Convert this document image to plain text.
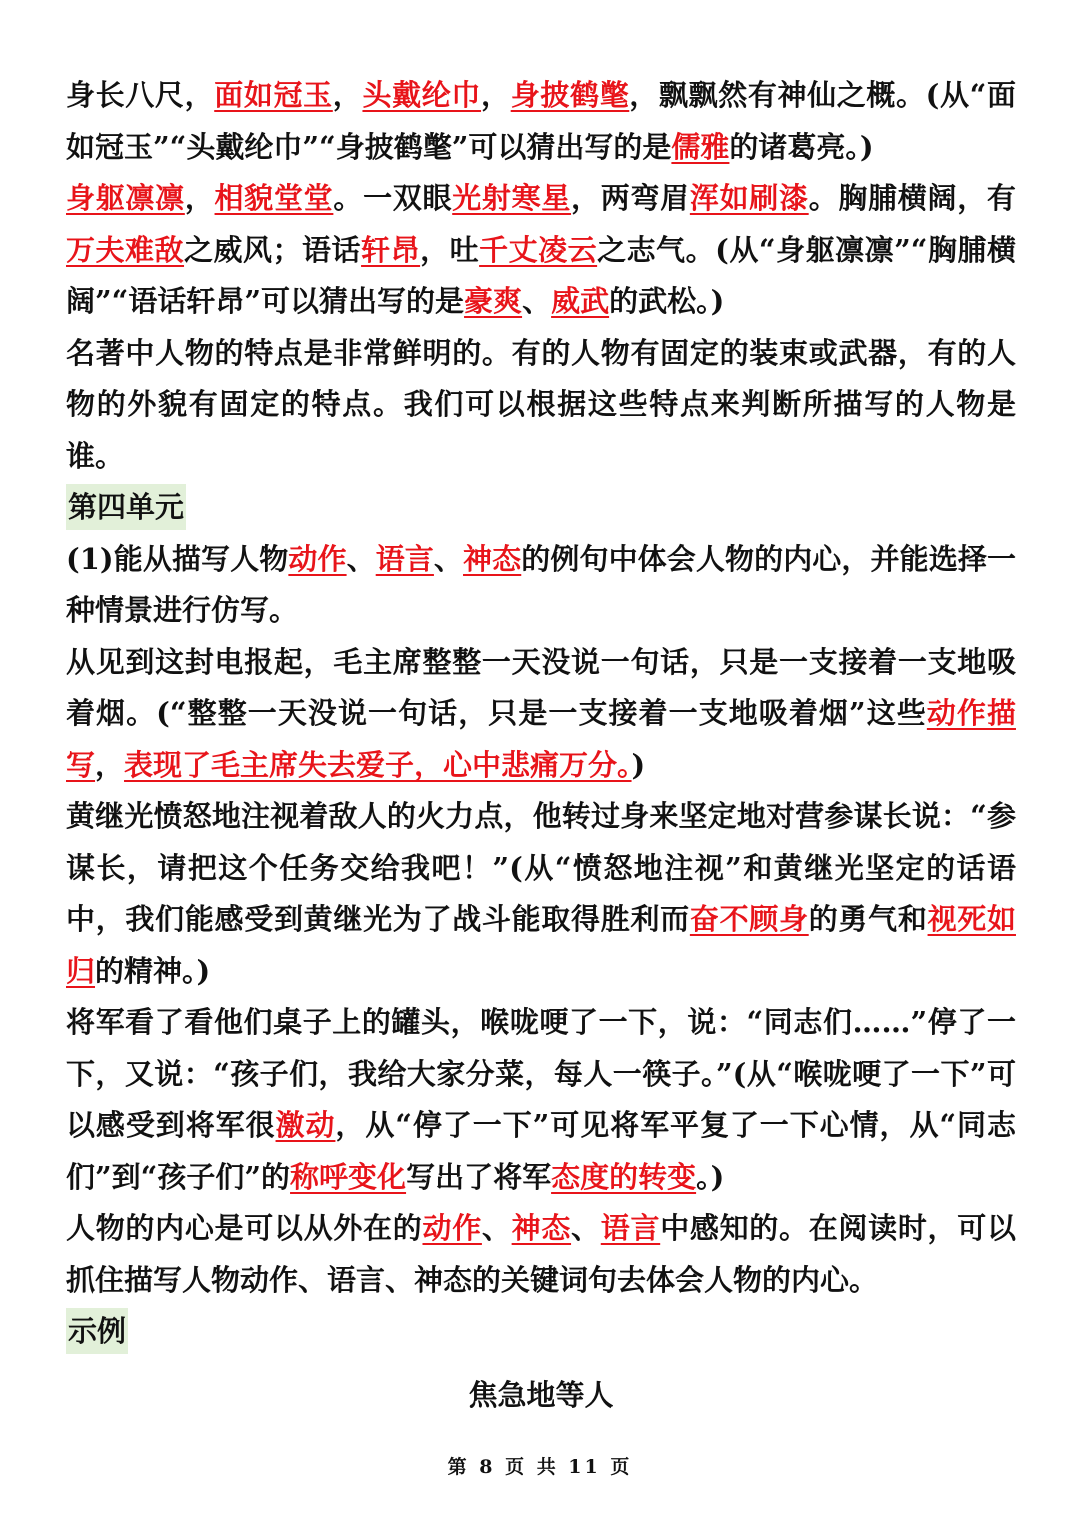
身长八尺，面如冠玉，头戴纶巾，身披鹤氅，飘飘然有神仙之概。(从“面如冠玉”“头戴纶巾”“身披鹤氅”可以猜出写的是儒雅的诸葛亮。)

身躯凛凛，相貌堂堂。一双眼光射寒星，两弯眉浑如刷漆。胸脯横阔，有万夫难敌之威风；语话轩昂，吐千丈凌云之志气。(从“身躯凛凛”“胸脯横阔”“语话轩昂”可以猜出写的是豪爽、威武的武松。)

名著中人物的特点是非常鲜明的。有的人物有固定的装束或武器，有的人物的外貌有固定的特点。我们可以根据这些特点来判断所描写的人物是谁。

第四单元

(1)能从描写人物动作、语言、神态的例句中体会人物的内心，并能选择一种情景进行仿写。

从见到这封电报起，毛主席整整一天没说一句话，只是一支接着一支地吸着烟。(“整整一天没说一句话，只是一支接着一支地吸着烟”这些动作描写，表现了毛主席失去爱子，心中悲痛万分。)

黄继光愤怒地注视着敌人的火力点，他转过身来坚定地对营参谋长说：“参谋长，请把这个任务交给我吧！”(从“愤怒地注视”和黄继光坚定的话语中，我们能感受到黄继光为了战斗能取得胜利而奋不顾身的勇气和视死如归的精神。)

将军看了看他们桌子上的罐头，喉咙哽了一下，说：“同志们……”停了一下，又说：“孩子们，我给大家分菜，每人一筷子。”(从“喉咙哽了一下”可以感受到将军很激动，从“停了一下”可见将军平复了一下心情，从“同志们”到“孩子们”的称呼变化写出了将军态度的转变。)

人物的内心是可以从外在的动作、神态、语言中感知的。在阅读时，可以抓住描写人物动作、语言、神态的关键词句去体会人物的内心。

示例

焦急地等人

第 8 页 共 11 页
